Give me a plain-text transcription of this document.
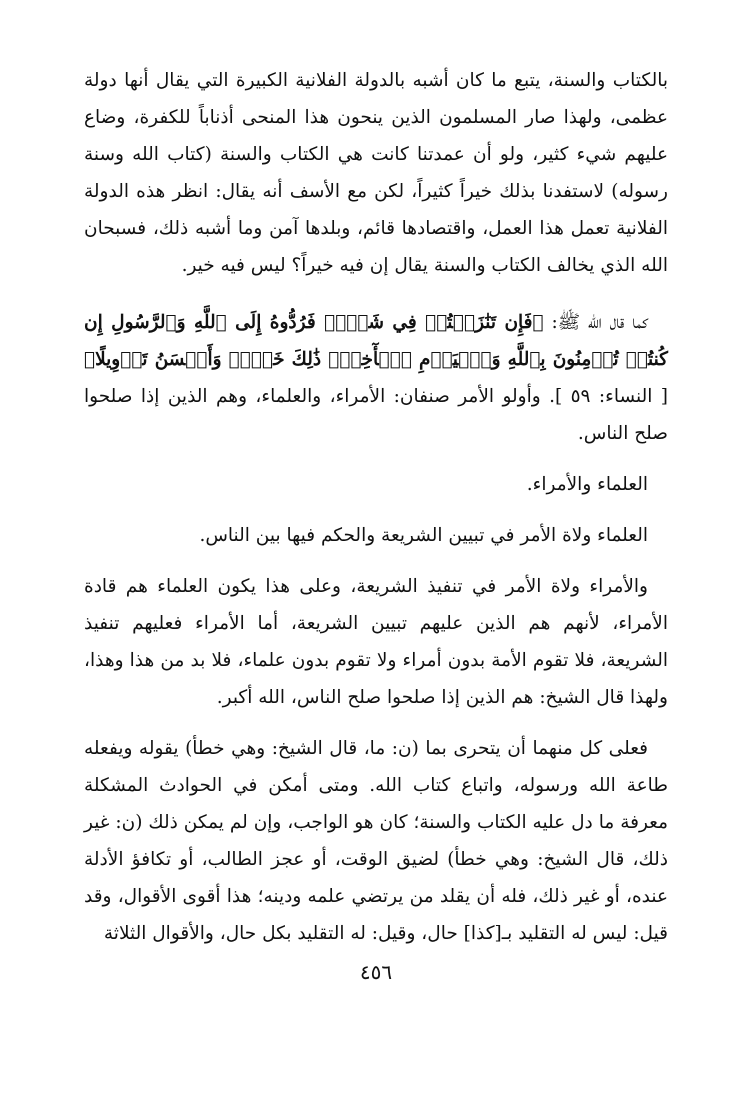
بالكتاب والسنة، يتبع ما كان أشبه بالدولة الفلانية الكبيرة التي يقال أنها دولة عظمى، ولهذا صار المسلمون الذين ينحون هذا المنحى أذناباً للكفرة، وضاع عليهم شيء كثير، ولو أن عمدتنا كانت هي الكتاب والسنة (كتاب الله وسنة رسوله) لاستفدنا بذلك خيراً كثيراً، لكن مع الأسف أنه يقال: انظر هذه الدولة الفلانية تعمل هذا العمل، واقتصادها قائم، وبلدها آمن وما أشبه ذلك، فسبحان الله الذي يخالف الكتاب والسنة يقال إن فيه خيراً؟ ليس فيه خير.

كما قال الله ﷺ: ﴿فَإِن تَنَٰزَعۡتُمۡ فِي شَيۡءٖ فَرُدُّوهُ إِلَى ٱللَّهِ وَٱلرَّسُولِ إِن كُنتُمۡ تُؤۡمِنُونَ بِٱللَّهِ وَٱلۡيَوۡمِ ٱلۡأٓخِرِۚ ذَٰلِكَ خَيۡرٞ وَأَحۡسَنُ تَأۡوِيلًا﴾ [ النساء: ٥٩ ]. وأولو الأمر صنفان: الأمراء، والعلماء، وهم الذين إذا صلحوا صلح الناس.

العلماء والأمراء.

العلماء ولاة الأمر في تبيين الشريعة والحكم فيها بين الناس.

والأمراء ولاة الأمر في تنفيذ الشريعة، وعلى هذا يكون العلماء هم قادة الأمراء، لأنهم هم الذين عليهم تبيين الشريعة، أما الأمراء فعليهم تنفيذ الشريعة، فلا تقوم الأمة بدون أمراء ولا تقوم بدون علماء، فلا بد من هذا وهذا، ولهذا قال الشيخ: هم الذين إذا صلحوا صلح الناس، الله أكبر.

فعلى كل منهما أن يتحرى بما (ن: ما، قال الشيخ: وهي خطأ) يقوله ويفعله طاعة الله ورسوله، واتباع كتاب الله. ومتى أمكن في الحوادث المشكلة معرفة ما دل عليه الكتاب والسنة؛ كان هو الواجب، وإن لم يمكن ذلك (ن: غير ذلك، قال الشيخ: وهي خطأ) لضيق الوقت، أو عجز الطالب، أو تكافؤ الأدلة عنده، أو غير ذلك، فله أن يقلد من يرتضي علمه ودينه؛ هذا أقوى الأقوال، وقد قيل: ليس له التقليد بـ[كذا] حال، وقيل: له التقليد بكل حال، والأقوال الثلاثة

٤٥٦
